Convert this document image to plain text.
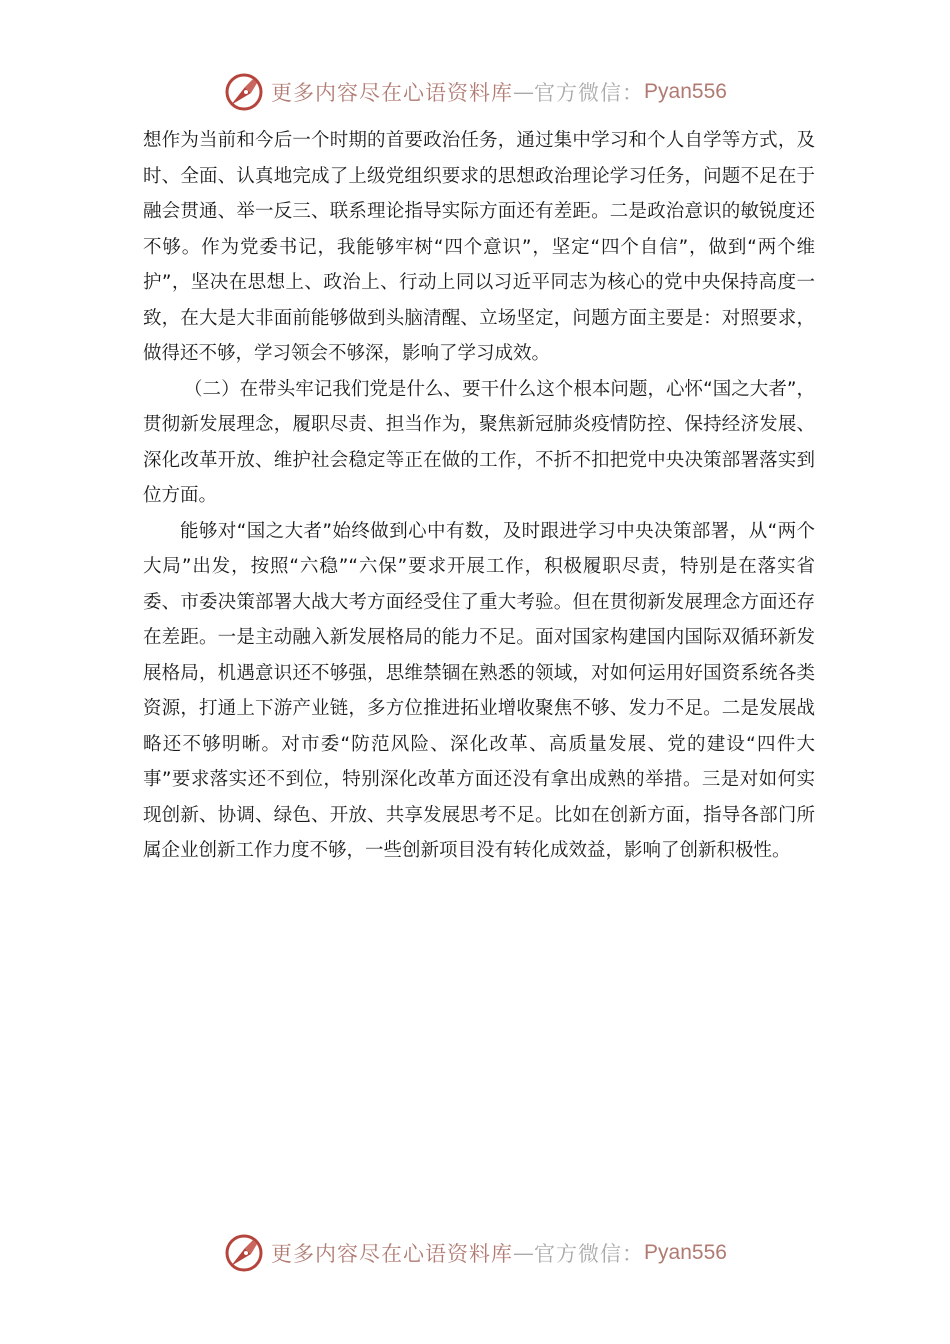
更多内容尽在心语资料库 — 官方微信： Pyan556

想作为当前和今后一个时期的首要政治任务，通过集中学习和个人自学等方式，及时、全面、认真地完成了上级党组织要求的思想政治理论学习任务，问题不足在于融会贯通、举一反三、联系理论指导实际方面还有差距。二是政治意识的敏锐度还不够。作为党委书记，我能够牢树“四个意识”，坚定“四个自信”，做到“两个维护”，坚决在思想上、政治上、行动上同以习近平同志为核心的党中央保持高度一致，在大是大非面前能够做到头脑清醒、立场坚定，问题方面主要是：对照要求，做得还不够，学习领会不够深，影响了学习成效。

（二）在带头牢记我们党是什么、要干什么这个根本问题，心怀“国之大者”，贯彻新发展理念，履职尽责、担当作为，聚焦新冠肺炎疫情防控、保持经济发展、深化改革开放、维护社会稳定等正在做的工作，不折不扣把党中央决策部署落实到位方面。

能够对“国之大者”始终做到心中有数，及时跟进学习中央决策部署，从“两个大局”出发，按照“六稳”“六保”要求开展工作，积极履职尽责，特别是在落实省委、市委决策部署大战大考方面经受住了重大考验。但在贯彻新发展理念方面还存在差距。一是主动融入新发展格局的能力不足。面对国家构建国内国际双循环新发展格局，机遇意识还不够强，思维禁锢在熟悉的领域，对如何运用好国资系统各类资源，打通上下游产业链，多方位推进拓业增收聚焦不够、发力不足。二是发展战略还不够明晰。对市委“防范风险、深化改革、高质量发展、党的建设“四件大事”要求落实还不到位，特别深化改革方面还没有拿出成熟的举措。三是对如何实现创新、协调、绿色、开放、共享发展思考不足。比如在创新方面，指导各部门所属企业创新工作力度不够，一些创新项目没有转化成效益，影响了创新积极性。

更多内容尽在心语资料库 — 官方微信： Pyan556
